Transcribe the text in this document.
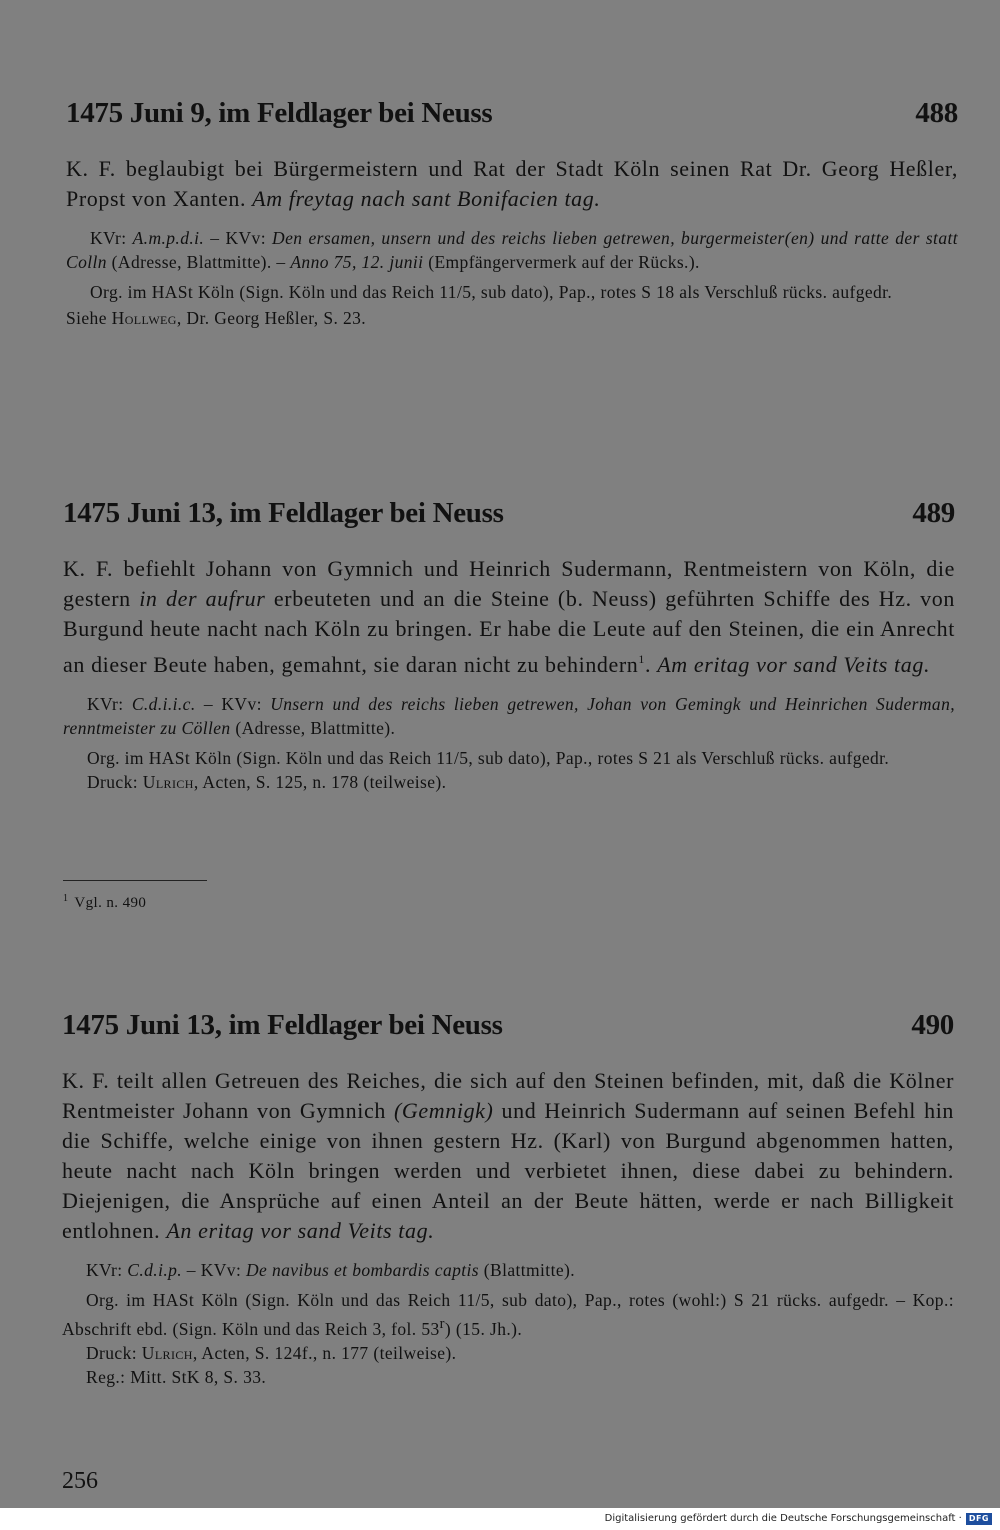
1475 Juni 9, im Feldlager bei Neuss	488
K. F. beglaubigt bei Bürgermeistern und Rat der Stadt Köln seinen Rat Dr. Georg Heßler, Propst von Xanten. Am freytag nach sant Bonifacien tag.
KVr: A.m.p.d.i. – KVv: Den ersamen, unsern und des reichs lieben getrewen, burgermeister(en) und ratte der statt Colln (Adresse, Blattmitte). – Anno 75, 12. junii (Empfängervermerk auf der Rücks.).
Org. im HASt Köln (Sign. Köln und das Reich 11/5, sub dato), Pap., rotes S 18 als Verschluß rücks. aufgedr.
Siehe Hollweg, Dr. Georg Heßler, S. 23.
1475 Juni 13, im Feldlager bei Neuss	489
K. F. befiehlt Johann von Gymnich und Heinrich Sudermann, Rentmeistern von Köln, die gestern in der aufrur erbeuteten und an die Steine (b. Neuss) geführten Schiffe des Hz. von Burgund heute nacht nach Köln zu bringen. Er habe die Leute auf den Steinen, die ein Anrecht an dieser Beute haben, gemahnt, sie daran nicht zu behindern$^1$. Am eritag vor sand Veits tag.
KVr: C.d.i.i.c. – KVv: Unsern und des reichs lieben getrewen, Johan von Gemingk und Heinrichen Suderman, renntmeister zu Cöllen (Adresse, Blattmitte).
Org. im HASt Köln (Sign. Köln und das Reich 11/5, sub dato), Pap., rotes S 21 als Verschluß rücks. aufgedr.
Druck: Ulrich, Acten, S. 125, n. 178 (teilweise).
$^1$ Vgl. n. 490
1475 Juni 13, im Feldlager bei Neuss	490
K. F. teilt allen Getreuen des Reiches, die sich auf den Steinen befinden, mit, daß die Kölner Rentmeister Johann von Gymnich (Gemnigk) und Heinrich Sudermann auf seinen Befehl hin die Schiffe, welche einige von ihnen gestern Hz. (Karl) von Burgund abgenommen hatten, heute nacht nach Köln bringen werden und verbietet ihnen, diese dabei zu behindern. Diejenigen, die Ansprüche auf einen Anteil an der Beute hätten, werde er nach Billigkeit entlohnen. An eritag vor sand Veits tag.
KVr: C.d.i.p. – KVv: De navibus et bombardis captis (Blattmitte).
Org. im HASt Köln (Sign. Köln und das Reich 11/5, sub dato), Pap., rotes (wohl:) S 21 rücks. aufgedr. – Kop.: Abschrift ebd. (Sign. Köln und das Reich 3, fol. 53$^r$) (15. Jh.).
Druck: Ulrich, Acten, S. 124f., n. 177 (teilweise).
Reg.: Mitt. StK 8, S. 33.
256
Digitalisierung gefördert durch die Deutsche Forschungsgemeinschaft · DFG
